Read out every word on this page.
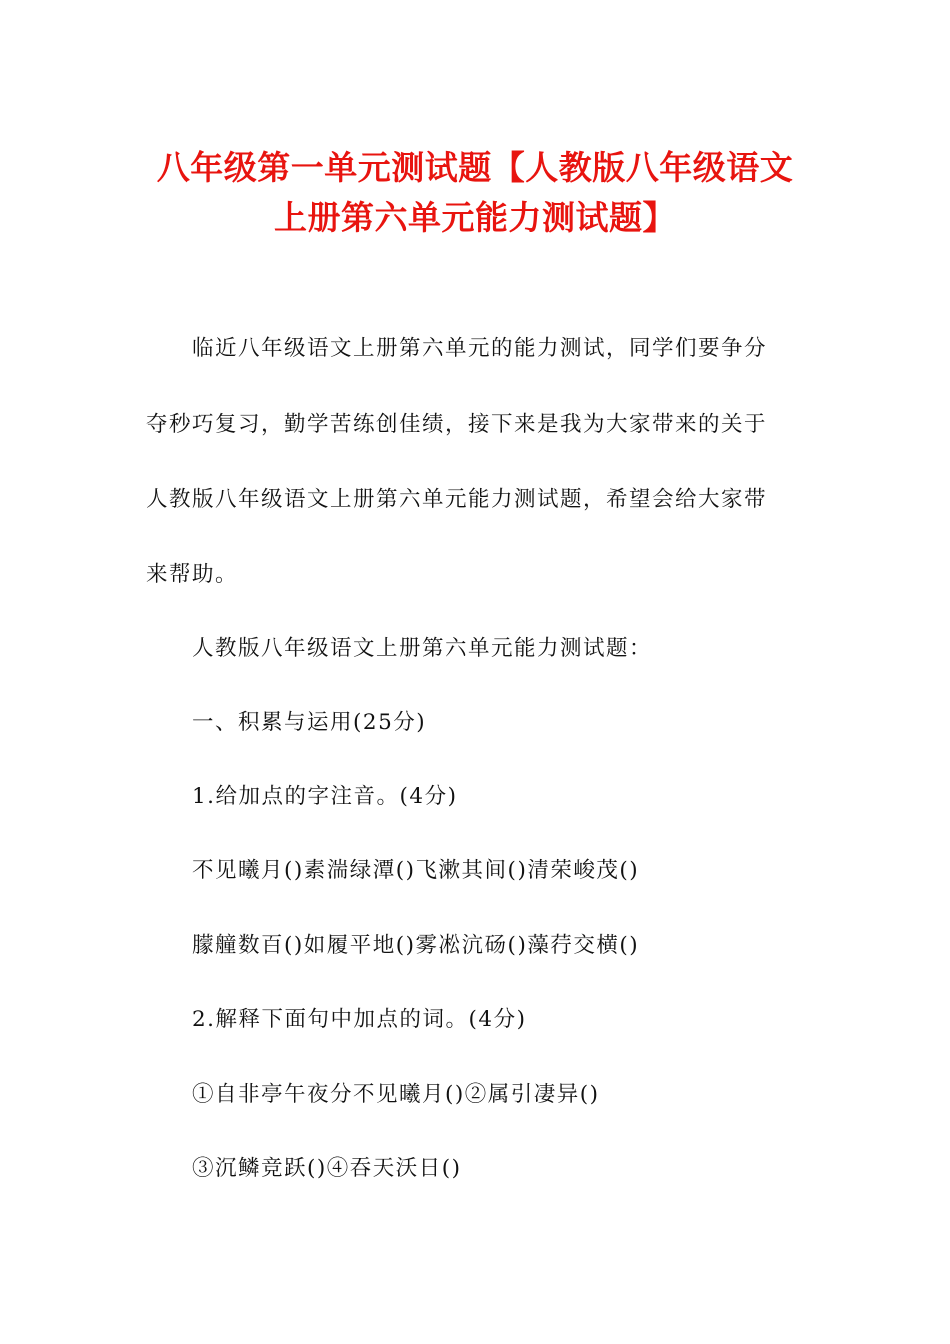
八年级第一单元测试题【人教版八年级语文
上册第六单元能力测试题】
临近八年级语文上册第六单元的能力测试，同学们要争分
夺秒巧复习，勤学苦练创佳绩，接下来是我为大家带来的关于
人教版八年级语文上册第六单元能力测试题，希望会给大家带
来帮助。
人教版八年级语文上册第六单元能力测试题：
一、积累与运用(25分)
1.给加点的字注音。(4分)
不见曦月()素湍绿潭()飞漱其间()清荣峻茂()
朦艟数百()如履平地()雾凇沆砀()藻荇交横()
2.解释下面句中加点的词。(4分)
①自非亭午夜分不见曦月()②属引凄异()
③沉鳞竞跃()④吞天沃日()
